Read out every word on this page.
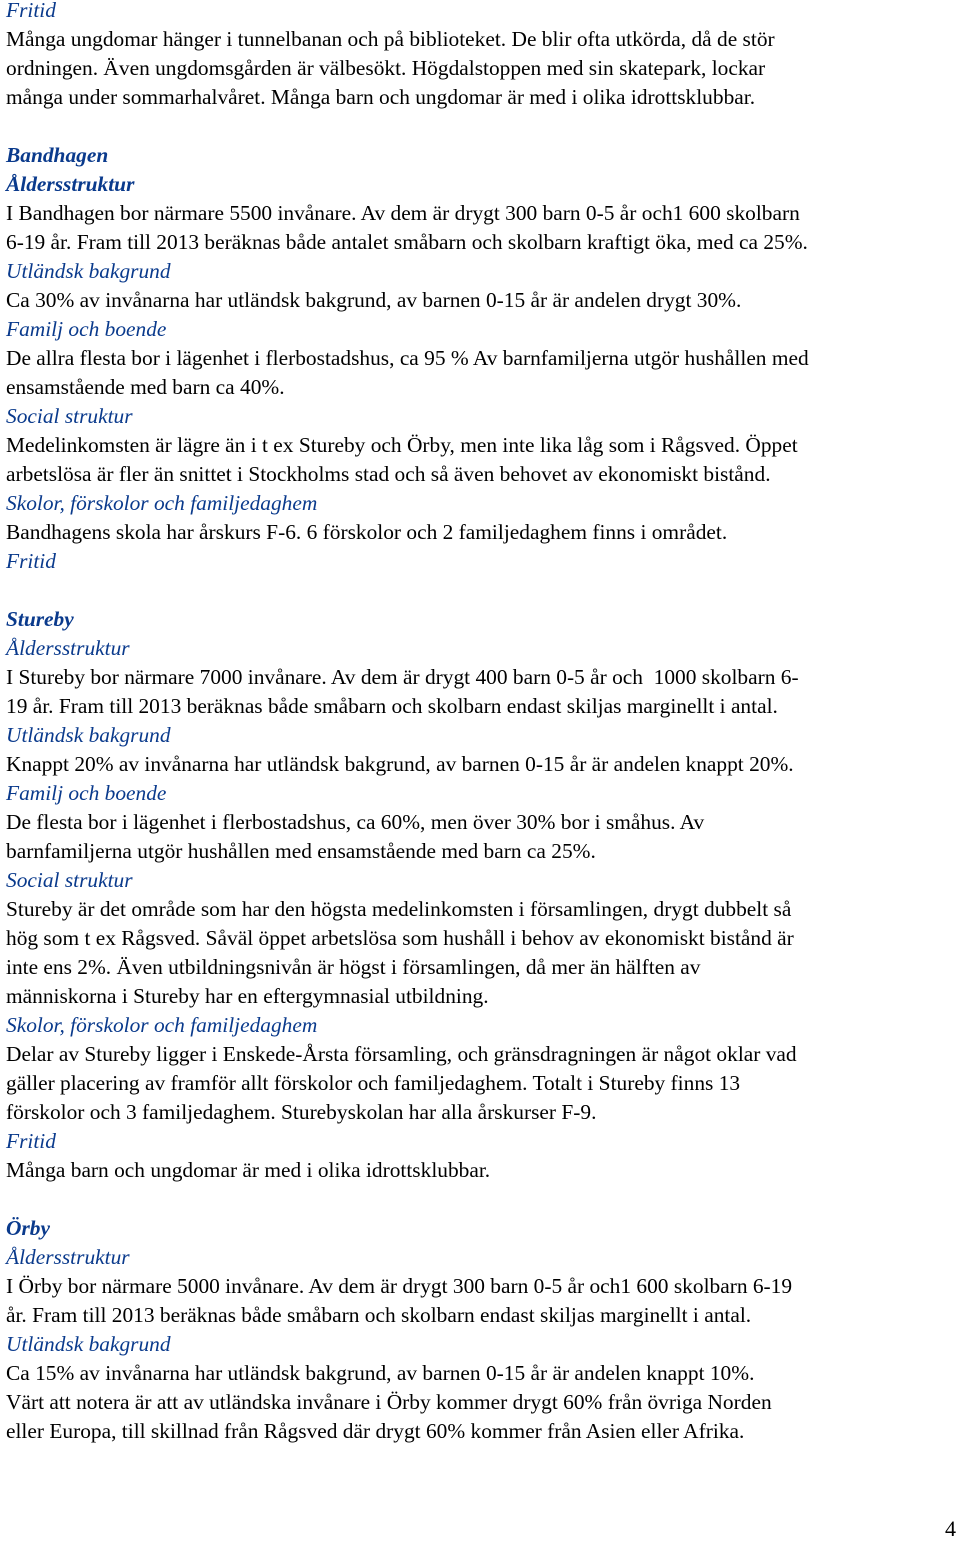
Fritid
Många ungdomar hänger i tunnelbanan och på biblioteket. De blir ofta utkörda, då de stör
ordningen. Även ungdomsgården är välbesökt. Högdalstoppen med sin skatepark, lockar
många under sommarhalvåret. Många barn och ungdomar är med i olika idrottsklubbar.
Bandhagen
Åldersstruktur
I Bandhagen bor närmare 5500 invånare. Av dem är drygt 300 barn 0-5 år och1 600 skolbarn
6-19 år. Fram till 2013 beräknas både antalet småbarn och skolbarn kraftigt öka, med ca 25%.
Utländsk bakgrund
Ca 30% av invånarna har utländsk bakgrund, av barnen 0-15 år är andelen drygt 30%.
Familj och boende
De allra flesta bor i lägenhet i flerbostadshus, ca 95 % Av barnfamiljerna utgör hushållen med
ensamstående med barn ca 40%.
Social struktur
Medelinkomsten är lägre än i t ex Stureby och Örby, men inte lika låg som i Rågsved. Öppet
arbetslösa är fler än snittet i Stockholms stad och så även behovet av ekonomiskt bistånd.
Skolor, förskolor och familjedaghem
Bandhagens skola har årskurs F-6. 6 förskolor och 2 familjedaghem finns i området.
Fritid
Stureby
Åldersstruktur
I Stureby bor närmare 7000 invånare. Av dem är drygt 400 barn 0-5 år och  1000 skolbarn 6-
19 år. Fram till 2013 beräknas både småbarn och skolbarn endast skiljas marginellt i antal.
Utländsk bakgrund
Knappt 20% av invånarna har utländsk bakgrund, av barnen 0-15 år är andelen knappt 20%.
Familj och boende
De flesta bor i lägenhet i flerbostadshus, ca 60%, men över 30% bor i småhus. Av
barnfamiljerna utgör hushållen med ensamstående med barn ca 25%.
Social struktur
Stureby är det område som har den högsta medelinkomsten i församlingen, drygt dubbelt så
hög som t ex Rågsved. Såväl öppet arbetslösa som hushåll i behov av ekonomiskt bistånd är
inte ens 2%. Även utbildningsnivån är högst i församlingen, då mer än hälften av
människorna i Stureby har en eftergymnasial utbildning.
Skolor, förskolor och familjedaghem
Delar av Stureby ligger i Enskede-Årsta församling, och gränsdragningen är något oklar vad
gäller placering av framför allt förskolor och familjedaghem. Totalt i Stureby finns 13
förskolor och 3 familjedaghem. Sturebyskolan har alla årskurser F-9.
Fritid
Många barn och ungdomar är med i olika idrottsklubbar.
Örby
Åldersstruktur
I Örby bor närmare 5000 invånare. Av dem är drygt 300 barn 0-5 år och1 600 skolbarn 6-19
år. Fram till 2013 beräknas både småbarn och skolbarn endast skiljas marginellt i antal.
Utländsk bakgrund
Ca 15% av invånarna har utländsk bakgrund, av barnen 0-15 år är andelen knappt 10%.
Värt att notera är att av utländska invånare i Örby kommer drygt 60% från övriga Norden
eller Europa, till skillnad från Rågsved där drygt 60% kommer från Asien eller Afrika.
4
